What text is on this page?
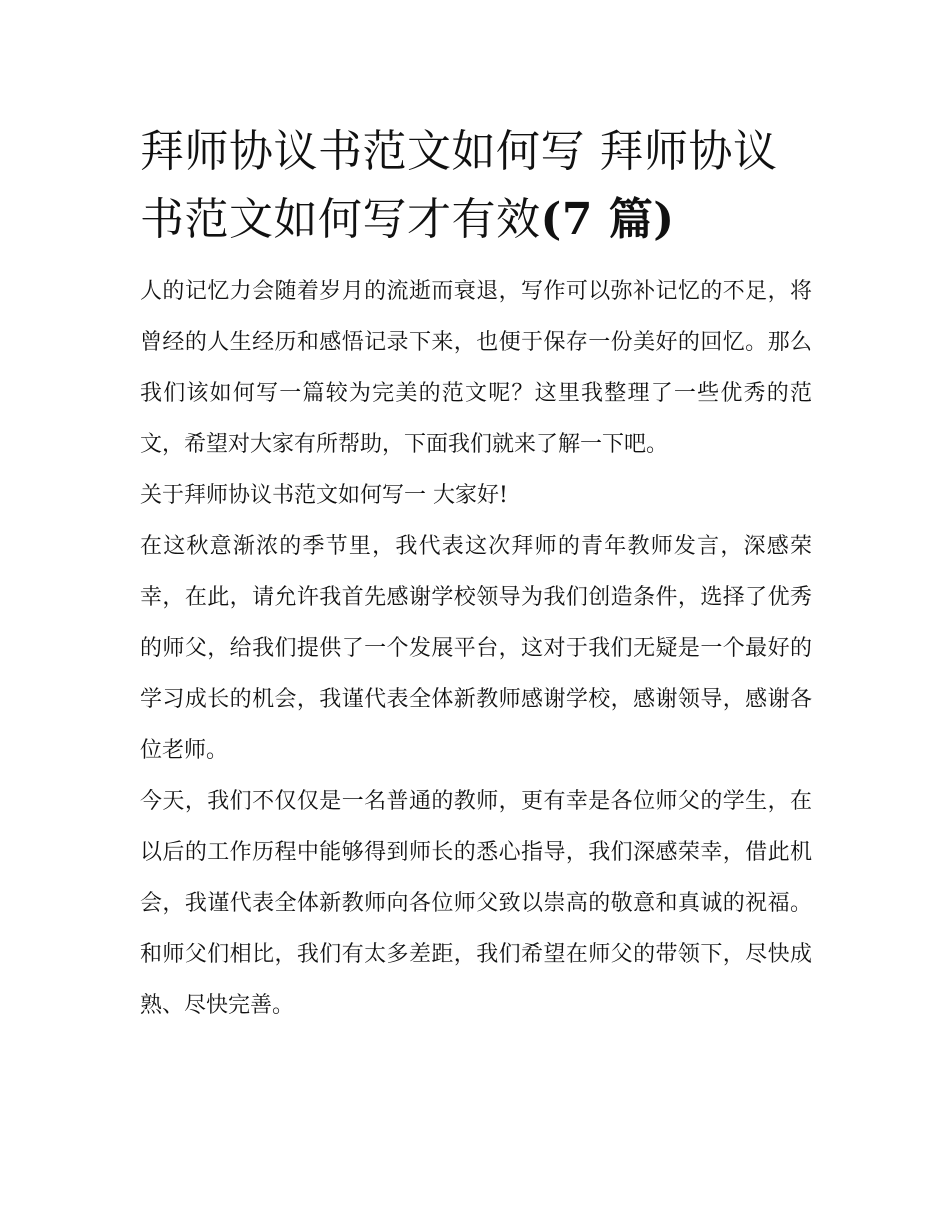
拜师协议书范文如何写 拜师协议书范文如何写才有效(7 篇)

人的记忆力会随着岁月的流逝而衰退，写作可以弥补记忆的不足，将曾经的人生经历和感悟记录下来，也便于保存一份美好的回忆。那么我们该如何写一篇较为完美的范文呢？这里我整理了一些优秀的范文，希望对大家有所帮助，下面我们就来了解一下吧。

关于拜师协议书范文如何写一 大家好!

在这秋意渐浓的季节里，我代表这次拜师的青年教师发言，深感荣幸，在此，请允许我首先感谢学校领导为我们创造条件，选择了优秀的师父，给我们提供了一个发展平台，这对于我们无疑是一个最好的学习成长的机会，我谨代表全体新教师感谢学校，感谢领导，感谢各位老师。

今天，我们不仅仅是一名普通的教师，更有幸是各位师父的学生，在以后的工作历程中能够得到师长的悉心指导，我们深感荣幸，借此机会，我谨代表全体新教师向各位师父致以崇高的敬意和真诚的祝福。和师父们相比，我们有太多差距，我们希望在师父的带领下，尽快成熟、尽快完善。
